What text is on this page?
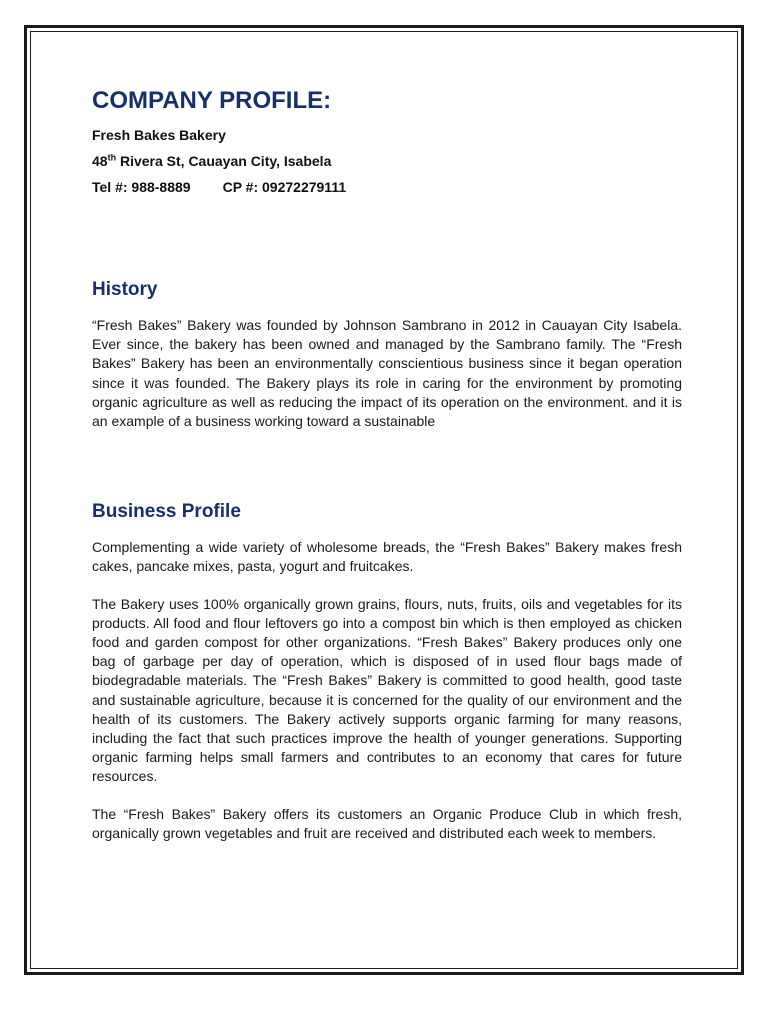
COMPANY PROFILE:
Fresh Bakes Bakery
48th Rivera St, Cauayan City, Isabela
Tel #: 988-8889 CP #: 09272279111
History

“Fresh Bakes” Bakery was founded by Johnson Sambrano in 2012 in Cauayan City Isabela. Ever since, the bakery has been owned and managed by the Sambrano family. The “Fresh Bakes” Bakery has been an environmentally conscientious business since it began operation since it was founded. The Bakery plays its role in caring for the environment by promoting organic agriculture as well as reducing the impact of its operation on the environment. and it is an example of a business working toward a sustainable

Business Profile

Complementing a wide variety of wholesome breads, the “Fresh Bakes” Bakery makes fresh cakes, pancake mixes, pasta, yogurt and fruitcakes.

The Bakery uses 100% organically grown grains, flours, nuts, fruits, oils and vegetables for its products. All food and flour leftovers go into a compost bin which is then employed as chicken food and garden compost for other organizations. “Fresh Bakes” Bakery produces only one bag of garbage per day of operation, which is disposed of in used flour bags made of biodegradable materials. The “Fresh Bakes” Bakery is committed to good health, good taste and sustainable agriculture, because it is concerned for the quality of our environment and the health of its customers. The Bakery actively supports organic farming for many reasons, including the fact that such practices improve the health of younger generations. Supporting organic farming helps small farmers and contributes to an economy that cares for future resources.

The “Fresh Bakes” Bakery offers its customers an Organic Produce Club in which fresh, organically grown vegetables and fruit are received and distributed each week to members.
